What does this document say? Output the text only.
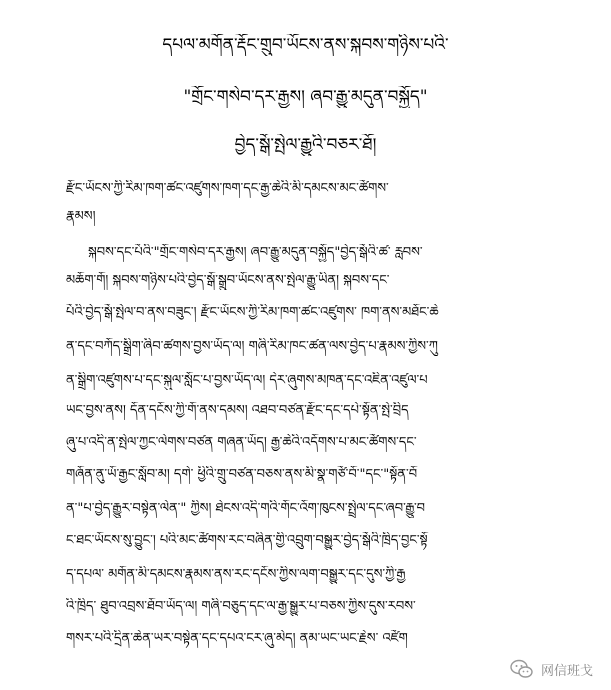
དཔལ་མགོན་རྡོང་གྲུབ་ཡོངས་ནས་སྐབས་གཉིས་པའི་
"གྲོང་གསེབ་དར་རྒྱས། ཞབ་རྒྱུ་མདུན་བསྐྱོད"
བྱེད་སྒོ་སྤེལ་རྒྱུའི་བཅར་ཐོ།
རྫོང་ཡོངས་ཀྱི་རིམ་ཁག་ཚང་འཛུགས་ཁག་དང་རྒྱ་ཆེའི་མི་དམངས་མང་ཚོགས་
རྣམས།
སྐབས་དང་པོའི་"གྲོང་གསེབ་དར་རྒྱས། ཞབ་རྒྱུ་མདུན་བསྐྱོད"བྱེད་སྒོའི་ཚ་ རླབས་
མཆོག་གོ། སྐབས་གཉིས་པའི་བྱེད་སྒོ་སྒྲུབ་ཡོངས་ནས་སྤེལ་རྒྱུ་ཡིན། སྐབས་དང་
པོའི་བྱེད་སྒོ་སྤེལ་བ་ནས་བཟུང་། རྫོང་ཡོངས་ཀྱི་རིམ་ཁག་ཚང་འཛུགས་ ཁག་ནས་མཐོང་ཆེ
ན་དང་བཀོད་སྒྲིག་ཞིབ་ཚགས་བྱས་ཡོད་ལ། གཞི་རིམ་ཁང་ཚན་ལས་བྱེད་པ་རྣམས་ཀྱིས་ཀུ
ན་སྒྲིག་འཛུགས་པ་དང་སྐུལ་སློང་པ་བྱས་ཡོད་ལ། དེར་ཞུགས་མཁན་དང་འཇིན་འཛུལ་པ
ཡང་བྱས་ནས། དོན་དངོས་ཀྱི་གོ་ནས་དམས། འཐབ་བཙན་རྫོང་དང་དཔེ་སྟོན་སྤེ་བྲིད
ཞུ་པ་འདི་ན་སྤེལ་ཀྱང་ལེགས་བཙན གཞན་ཡོད། རྒྱ་ཆེའི་འདོགས་པ་མང་ཚོགས་དང་
གཞོན་ནུ་ཡོ་རྒྱང་སློབ་མ། དགེ་ ཕྱིའི་གྲུ་བཙན་བཅས་ནས་མི་སྣ་གཙོ་བོ་"དང་"སྟོན་བོ
ན་"པ་བྱེད་རྒྱུར་བསྟེན་ལེན་" ཀྱིས། ཐེངས་འདི་གའི་གོང་འོག་ཁུངས་སྤྲེལ་དང་ཞབ་རྒྱུ་བ
ང་ཐང་ཡོངས་སུ་བྱུང་། པའི་མང་ཚོགས་རང་བཞིན་གྱི་འབྲུག་བསྒྱུར་བྱེད་སྒོའི་ཁྲིད་བྱང་སྟོ
ད་དཔལ་ མགོན་མི་དམངས་རྣམས་ནས་རང་དངོས་ཀྱིས་ལག་བསྒྱུར་དང་དུས་ཀྱི་རྒྱ
འི་ཁྲིད་ ཐུབ་འབྲས་ཐོབ་ཡོད་ལ། གཞི་བཅུད་དང་ལ་རྒྱ་སྒྱུར་པ་བཅས་ཀྱིས་དུས་རབས་
གསར་པའི་དྲིན་ཆེན་ཡར་བསྟེན་དང་དཔའ་ངར་ཞུ་མེད། ནམ་ཡང་ཡང་རྗེས་ འཛོག
网信班戈
